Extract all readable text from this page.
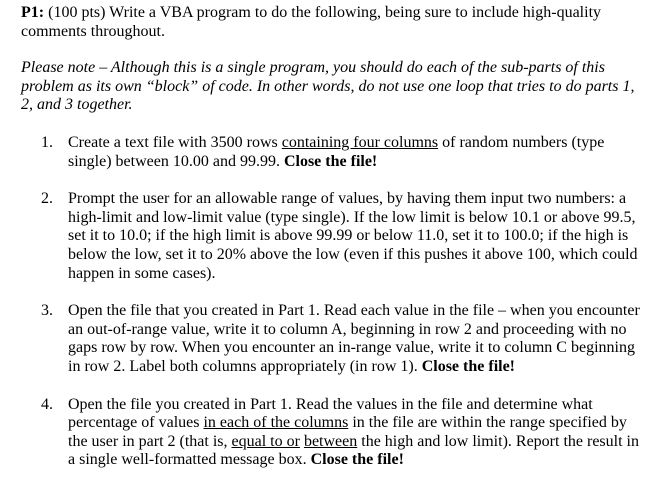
P1: (100 pts) Write a VBA program to do the following, being sure to include high-quality comments throughout.

Please note – Although this is a single program, you should do each of the sub-parts of this problem as its own “block” of code. In other words, do not use one loop that tries to do parts 1, 2, and 3 together.

1. Create a text file with 3500 rows containing four columns of random numbers (type single) between 10.00 and 99.99. Close the file!
2. Prompt the user for an allowable range of values, by having them input two numbers: a high-limit and low-limit value (type single). If the low limit is below 10.1 or above 99.5, set it to 10.0; if the high limit is above 99.99 or below 11.0, set it to 100.0; if the high is below the low, set it to 20% above the low (even if this pushes it above 100, which could happen in some cases).
3. Open the file that you created in Part 1. Read each value in the file – when you encounter an out-of-range value, write it to column A, beginning in row 2 and proceeding with no gaps row by row. When you encounter an in-range value, write it to column C beginning in row 2. Label both columns appropriately (in row 1). Close the file!
4. Open the file you created in Part 1. Read the values in the file and determine what percentage of values in each of the columns in the file are within the range specified by the user in part 2 (that is, equal to or between the high and low limit). Report the result in a single well-formatted message box. Close the file!
